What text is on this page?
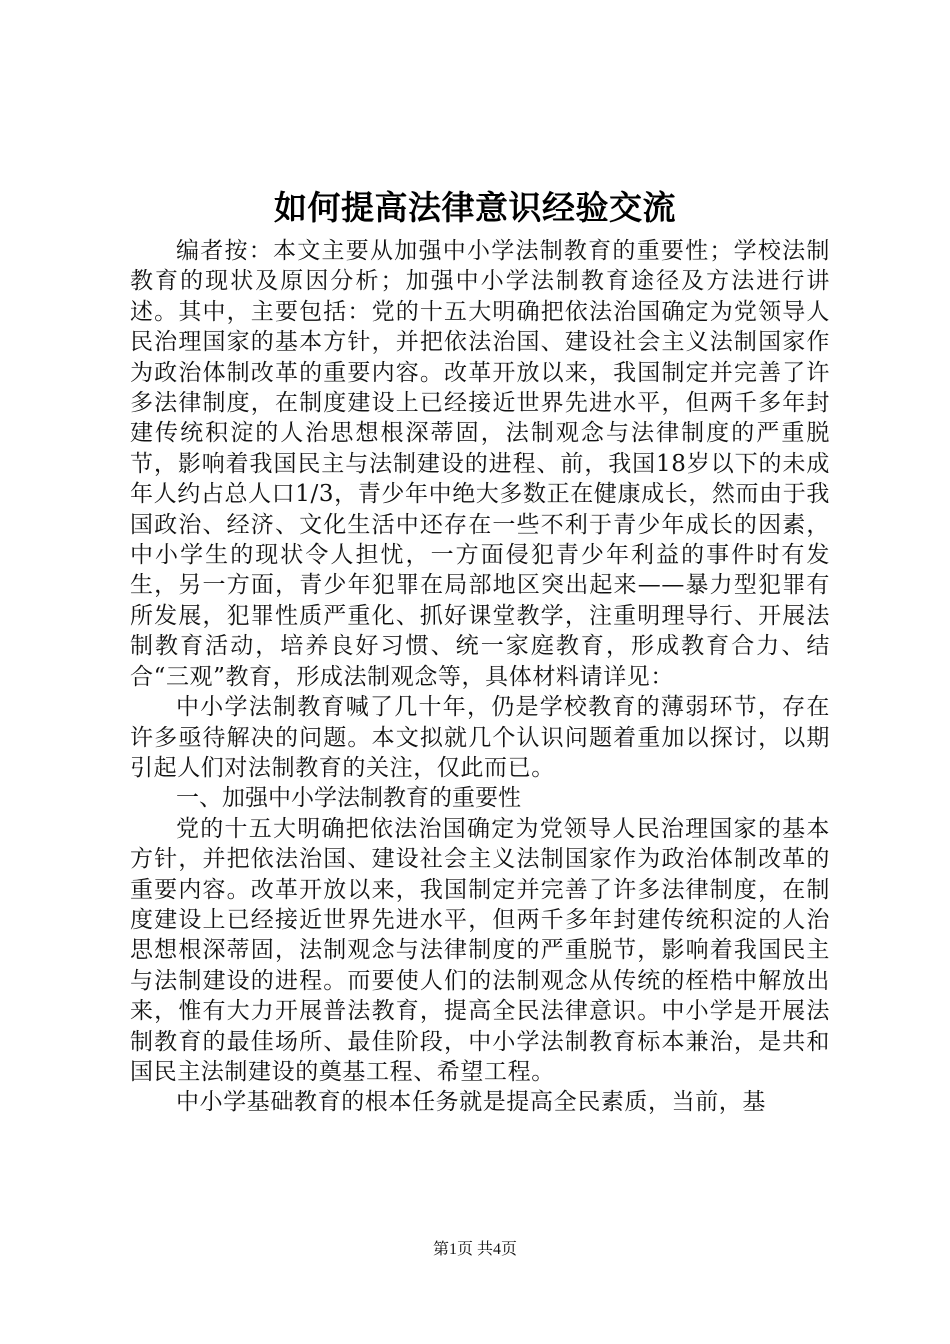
如何提高法律意识经验交流

编者按：本文主要从加强中小学法制教育的重要性；学校法制教育的现状及原因分析；加强中小学法制教育途径及方法进行讲述。其中，主要包括：党的十五大明确把依法治国确定为党领导人民治理国家的基本方针，并把依法治国、建设社会主义法制国家作为政治体制改革的重要内容。改革开放以来，我国制定并完善了许多法律制度，在制度建设上已经接近世界先进水平，但两千多年封建传统积淀的人治思想根深蒂固，法制观念与法律制度的严重脱节，影响着我国民主与法制建设的进程、前，我国18岁以下的未成年人约占总人口1/3，青少年中绝大多数正在健康成长，然而由于我国政治、经济、文化生活中还存在一些不利于青少年成长的因素，中小学生的现状令人担忧，一方面侵犯青少年利益的事件时有发生，另一方面，青少年犯罪在局部地区突出起来——暴力型犯罪有所发展，犯罪性质严重化、抓好课堂教学，注重明理导行、开展法制教育活动，培养良好习惯、统一家庭教育，形成教育合力、结合“三观”教育，形成法制观念等，具体材料请详见：

中小学法制教育喊了几十年，仍是学校教育的薄弱环节，存在许多亟待解决的问题。本文拟就几个认识问题着重加以探讨，以期引起人们对法制教育的关注，仅此而已。

一、加强中小学法制教育的重要性

党的十五大明确把依法治国确定为党领导人民治理国家的基本方针，并把依法治国、建设社会主义法制国家作为政治体制改革的重要内容。改革开放以来，我国制定并完善了许多法律制度，在制度建设上已经接近世界先进水平，但两千多年封建传统积淀的人治思想根深蒂固，法制观念与法律制度的严重脱节，影响着我国民主与法制建设的进程。而要使人们的法制观念从传统的桎梏中解放出来，惟有大力开展普法教育，提高全民法律意识。中小学是开展法制教育的最佳场所、最佳阶段，中小学法制教育标本兼治，是共和国民主法制建设的奠基工程、希望工程。

中小学基础教育的根本任务就是提高全民素质，当前，基

第1页 共4页
